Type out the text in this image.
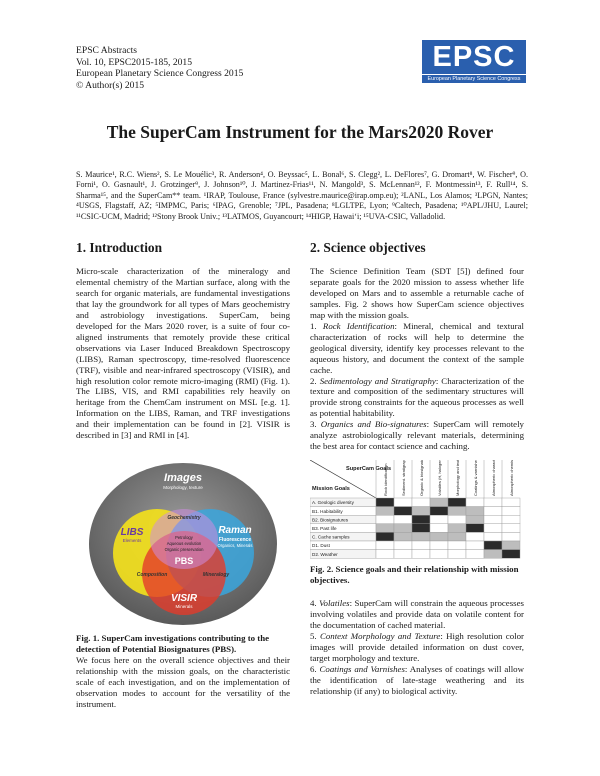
EPSC Abstracts
Vol. 10, EPSC2015-185, 2015
European Planetary Science Congress 2015
© Author(s) 2015
EPSC
European Planetary Science Congress
The SuperCam Instrument for the Mars2020 Rover
S. Maurice¹, R.C. Wiens², S. Le Mouélic³, R. Anderson⁴, O. Beyssac⁵, L. Bonal⁶, S. Clegg², L. DeFlores⁷, G. Dromart⁸, W. Fischer⁹, O. Forni¹, O. Gasnault¹, J. Grotzinger⁹, J. Johnson¹⁰, J. Martinez-Frias¹¹, N. Mangold³, S. McLennan¹², F. Montmessin¹³, F. Rull¹⁴, S. Sharma¹⁵, and the SuperCam** team. ¹IRAP, Toulouse, France (sylvestre.maurice@irap.omp.eu); ²LANL, Los Alamos; ³LPGN, Nantes; ⁴USGS, Flagstaff, AZ; ⁵IMPMC, Paris; ⁶IPAG, Grenoble; ⁷JPL, Pasadena; ⁸LGLTPE, Lyon; ⁹Caltech, Pasadena; ¹⁰APL/JHU, Laurel; ¹¹CSIC-UCM, Madrid; ¹²Stony Brook Univ.; ¹³LATMOS, Guyancourt; ¹⁴HIGP, Hawaiʻi; ¹⁵UVA-CSIC, Valladolid.
1. Introduction

Micro-scale characterization of the mineralogy and elemental chemistry of the Martian surface, along with the search for organic materials, are fundamental investigations that lay the groundwork for all types of Mars geochemistry and astrobiology investigations. SuperCam, being developed for the Mars 2020 rover, is a suite of four co-aligned instruments that remotely provide these critical observations via Laser Induced Breakdown Spectroscopy (LIBS), Raman spectroscopy, time-resolved fluorescence (TRF), visible and near-infrared spectroscopy (VISIR), and high resolution color remote micro-imaging (RMI) (Fig. 1). The LIBS, VIS, and RMI capabilities rely heavily on heritage from the ChemCam instrument on MSL [e.g. 1]. Information on the LIBS, Raman, and TRF investigations and their implementation can be found in [2]. VISIR is described in [3] and RMI in [4].

Images
Morphology, texture
LIBS
Elements
Raman
Fluorescence
Organics, Minerals
VISIR
Minerals
Geochemistry
Petrology
Aqueous evolution
Organic preservation
PBS
Composition	Mineralogy

Fig. 1. SuperCam investigations contributing to the detection of Potential Biosignatures (PBS).

We focus here on the overall science objectives and their relationship with the mission goals, on the characteristic scale of each investigation, and on the implementation of observation modes to account for the versatility of the instrument.

2. Science objectives

The Science Definition Team (SDT [5]) defined four separate goals for the 2020 mission to assess whether life developed on Mars and to assemble a returnable cache of samples. Fig. 2 shows how SuperCam science objectives map with the mission goals.

1. Rock Identification: Mineral, chemical and textural characterization of rocks will help to determine the geological diversity, identify key processes relevant to the aqueous history, and document the context of the sample cache.

2. Sedimentology and Stratigraphy: Characterization of the texture and composition of the sedimentary structures will provide strong constraints for the aqueous processes as well as potential habitability.

3. Organics and Bio-signatures: SuperCam will remotely analyze astrobiologically relevant materials, determining the best area for contact science and caching.

SuperCam Goals
Mission Goals	Rock identification	Sediment. stratigraphy	Organic & biosignature	Volatiles (H, halogens)	Morphology and texture	Coatings & varnishes	Atmospheric characterization	Atmospheric chemistry/volatiles
A. Geologic diversity
B1. Habitability
B2. Biosignatures
B3. Past life
C. Cache samples
D1. Dust
D2. Weather

Fig. 2. Science goals and their relationship with mission objectives.

4. Volatiles: SuperCam will constrain the aqueous processes involving volatiles and provide data on volatile content for the documentation of cached material.

5. Context Morphology and Texture: High resolution color images will provide detailed information on dust cover, target morphology and texture.

6. Coatings and Varnishes: Analyses of coatings will allow the identification of late-stage weathering and its relationship (if any) to biological activity.
